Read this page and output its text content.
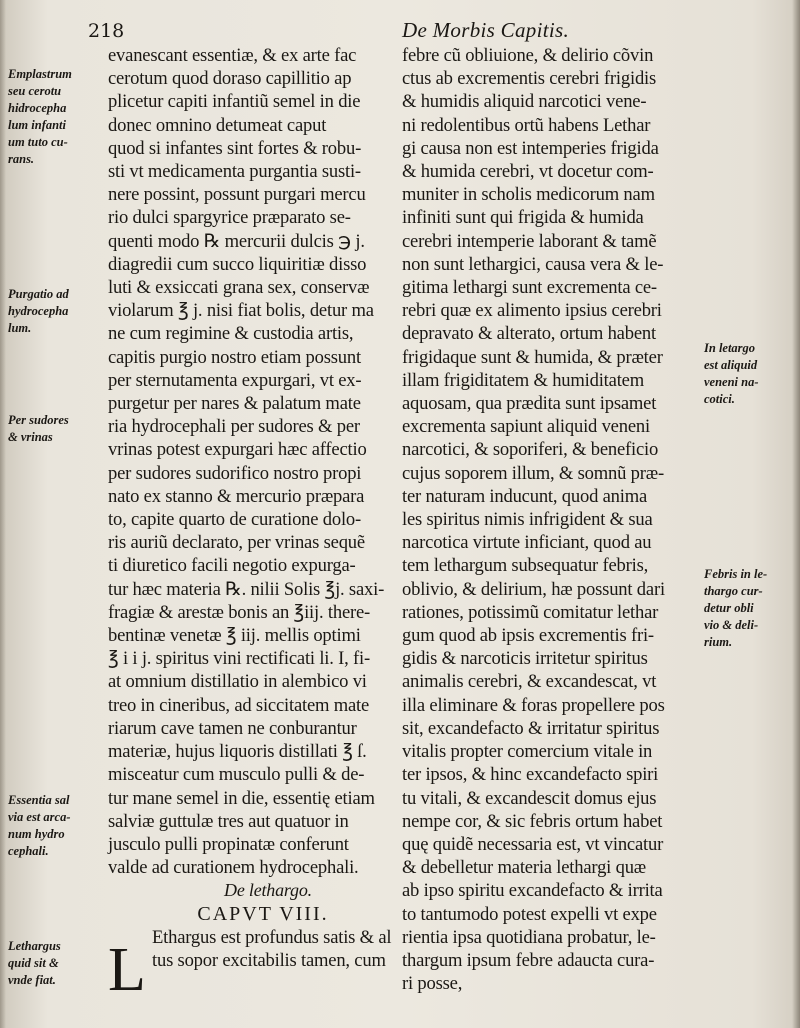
218	De Morbis Capitis.
Emplastrum
seu cerotu
hidrocepha
lum infanti
um tuto cu-
rans.
Purgatio ad
hydrocepha
lum.
Per sudores
& vrinas
Essentia sal
via est arca-
num hydro
cephali.
Lethargus
quid sit &
vnde fiat.
evanescant essentiæ, & ex arte fac
cerotum quod doraso capillitio ap
plicetur capiti infantiũ semel in die
donec omnino detumeat caput
quod si infantes sint fortes & robu-
sti vt medicamenta purgantia susti-
nere possint, possunt purgari mercu
rio dulci spargyrice præparato se-
quenti modo ℞ mercurii dulcis ℈ j.
diagredii cum succo liquiritiæ disso
luti & exsiccati grana sex, conservæ
violarum ℥ j. nisi fiat bolis, detur ma
ne cum regimine & custodia artis,
capitis purgio nostro etiam possunt
per sternutamenta expurgari, vt ex-
purgetur per nares & palatum mate
ria hydrocephali per sudores & per
vrinas potest expurgari hæc affectio
per sudores sudorifico nostro propi
nato ex stanno & mercurio præpara
to, capite quarto de curatione dolo-
ris auriũ declarato, per vrinas sequẽ
ti diuretico facili negotio expurga-
tur hæc materia ℞. nilii Solis ℥j. saxi-
fragiæ & arestæ bonis an ℥iij. there-
bentinæ venetæ ℥ iij. mellis optimi
℥ i i j. spiritus vini rectificati li. I, fi-
at omnium distillatio in alembico vi
treo in cineribus, ad siccitatem mate
riarum cave tamen ne conburantur
materiæ, hujus liquoris distillati ℥ ſ.
misceatur cum musculo pulli & de-
tur mane semel in die, essentię etiam
salviæ guttulæ tres aut quatuor in
jusculo pulli propinatæ conferunt
valde ad curationem hydrocephali.
De lethargo.
CAPVT VIII.
Ethargus est profundus satis & al
tus sopor excitabilis tamen, cum
L
febre cũ obliuione, & delirio cõvin
ctus ab excrementis cerebri frigidis
& humidis aliquid narcotici vene-
ni redolentibus ortũ habens Lethar
gi causa non est intemperies frigida
& humida cerebri, vt docetur com-
muniter in scholis medicorum nam
infiniti sunt qui frigida & humida
cerebri intemperie laborant & tamẽ
non sunt lethargici, causa vera & le-
gitima lethargi sunt excrementa ce-
rebri quæ ex alimento ipsius cerebri
depravato & alterato, ortum habent
frigidaque sunt & humida, & præter
illam frigiditatem & humiditatem
aquosam, qua prædita sunt ipsamet
excrementa sapiunt aliquid veneni
narcotici, & soporiferi, & beneficio
cujus soporem illum, & somnũ præ-
ter naturam inducunt, quod anima
les spiritus nimis infrigident & sua
narcotica virtute inficiant, quod au
tem lethargum subsequatur febris,
oblivio, & delirium, hæ possunt dari
rationes, potissimũ comitatur lethar
gum quod ab ipsis excrementis fri-
gidis & narcoticis irritetur spiritus
animalis cerebri, & excandescat, vt
illa eliminare & foras propellere pos
sit, excandefacto & irritatur spiritus
vitalis propter comercium vitale in
ter ipsos, & hinc excandefacto spiri
tu vitali, & excandescit domus ejus
nempe cor, & sic febris ortum habet
quę quidẽ necessaria est, vt vincatur
& debelletur materia lethargi quæ
ab ipso spiritu excandefacto & irrita
to tantumodo potest expelli vt expe
rientia ipsa quotidiana probatur, le-
thargum ipsum febre adaucta cura-
ri posse,
In letargo
est aliquid
veneni na-
cotici.
Febris in le-
thargo cur-
detur obli
vio & deli-
rium.
